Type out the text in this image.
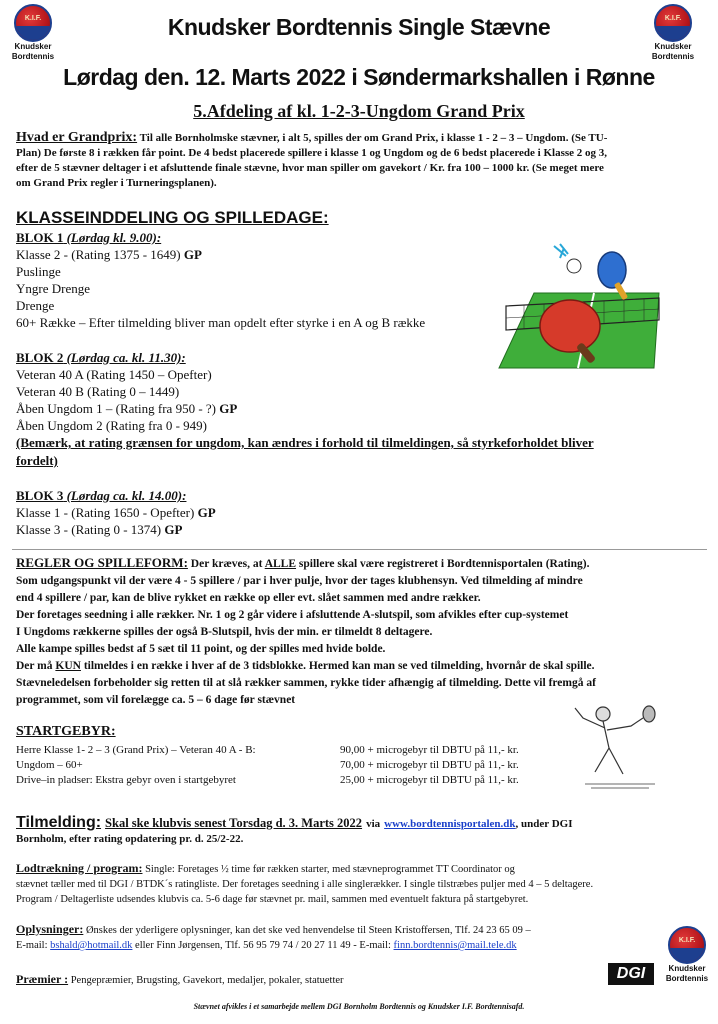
K.I.F.
Knudsker
Bordtennis
K.I.F.
Knudsker
Bordtennis
Knudsker Bordtennis Single Stævne
Lørdag den. 12. Marts 2022 i Søndermarkshallen i Rønne
5.Afdeling af kl. 1-2-3-Ungdom Grand Prix
Hvad er Grandprix: Til alle Bornholmske stævner, i alt 5, spilles der om Grand Prix, i klasse 1 - 2 – 3 – Ungdom. (Se TU-
Plan) De første 8 i rækken får point. De 4 bedst placerede spillere i klasse 1 og Ungdom og de 6 bedst placerede i Klasse 2 og 3,
efter de 5 stævner deltager i et afsluttende finale stævne, hvor man spiller om gavekort / Kr. fra 100 – 1000 kr. (Se meget mere
om Grand Prix regler i Turneringsplanen).
KLASSEINDDELING OG SPILLEDAGE:
BLOK 1 (Lørdag kl. 9.00):
Klasse 2 - (Rating 1375 - 1649) GP
Puslinge
Yngre Drenge
Drenge
60+ Række – Efter tilmelding bliver man opdelt efter styrke i en A og B række
BLOK 2 (Lørdag ca. kl. 11.30):
Veteran 40 A (Rating 1450 – Opefter)
Veteran 40 B (Rating 0 – 1449)
Åben Ungdom 1 – (Rating fra 950 - ?) GP
Åben Ungdom 2 (Rating fra 0 - 949)
(Bemærk, at rating grænsen for ungdom, kan ændres i forhold til tilmeldingen, så styrkeforholdet bliver
fordelt)
BLOK 3 (Lørdag ca. kl. 14.00):
Klasse 1 - (Rating 1650 - Opefter) GP
Klasse 3 - (Rating 0 - 1374) GP
REGLER OG SPILLEFORM: Der kræves, at ALLE spillere skal være registreret i Bordtennisportalen (Rating).
Som udgangspunkt vil der være 4 - 5 spillere / par i hver pulje, hvor der tages klubhensyn. Ved tilmelding af mindre
end 4 spillere / par, kan de blive rykket en række op eller evt. slået sammen med andre rækker.
Der foretages seedning i alle rækker. Nr. 1 og 2 går videre i afsluttende A-slutspil, som afvikles efter cup-systemet
I Ungdoms rækkerne spilles der også B-Slutspil, hvis der min. er tilmeldt 8 deltagere.
Alle kampe spilles bedst af 5 sæt til 11 point, og der spilles med hvide bolde.
Der må KUN tilmeldes i en række i hver af de 3 tidsblokke. Hermed kan man se ved tilmelding, hvornår de skal spille.
Stævneledelsen forbeholder sig retten til at slå rækker sammen, rykke tider afhængig af tilmelding. Dette vil fremgå af
programmet, som vil forelægge ca. 5 – 6 dage før stævnet
STARTGEBYR:
Herre Klasse 1- 2 – 3 (Grand Prix) – Veteran 40 A - B:	90,00 + microgebyr til DBTU på 11,- kr.
Ungdom – 60+	70,00 + microgebyr til DBTU på 11,- kr.
Drive–in pladser: Ekstra gebyr oven i startgebyret	25,00 + microgebyr til DBTU på 11,- kr.
Tilmelding: Skal ske klubvis senest Torsdag d. 3. Marts 2022 via www.bordtennisportalen.dk, under DGI
Bornholm, efter rating opdatering pr. d. 25/2-22.
Lodtrækning / program: Single: Foretages ½ time før rækken starter, med stævneprogrammet TT Coordinator og
stævnet tæller med til DGI / BTDK´s ratingliste. Der foretages seedning i alle singlerækker. I single tilstræbes puljer med 4 – 5 deltagere.
Program / Deltagerliste udsendes klubvis ca. 5-6 dage før stævnet pr. mail, sammen med eventuelt faktura på startgebyret.
Oplysninger: Ønskes der yderligere oplysninger, kan det ske ved henvendelse til Steen Kristoffersen, Tlf. 24 23 65 09 –
E-mail: bshald@hotmail.dk eller Finn Jørgensen, Tlf. 56 95 79 74 / 20 27 11 49 - E-mail: finn.bordtennis@mail.tele.dk	K.I.F.
Knudsker
Bordtennis
Præmier : Pengepræmier, Brugsting, Gavekort, medaljer, pokaler, statuetter	DGI
Stævnet afvikles i et samarbejde mellem DGI Bornholm Bordtennis og Knudsker I.F. Bordtennisafd.
